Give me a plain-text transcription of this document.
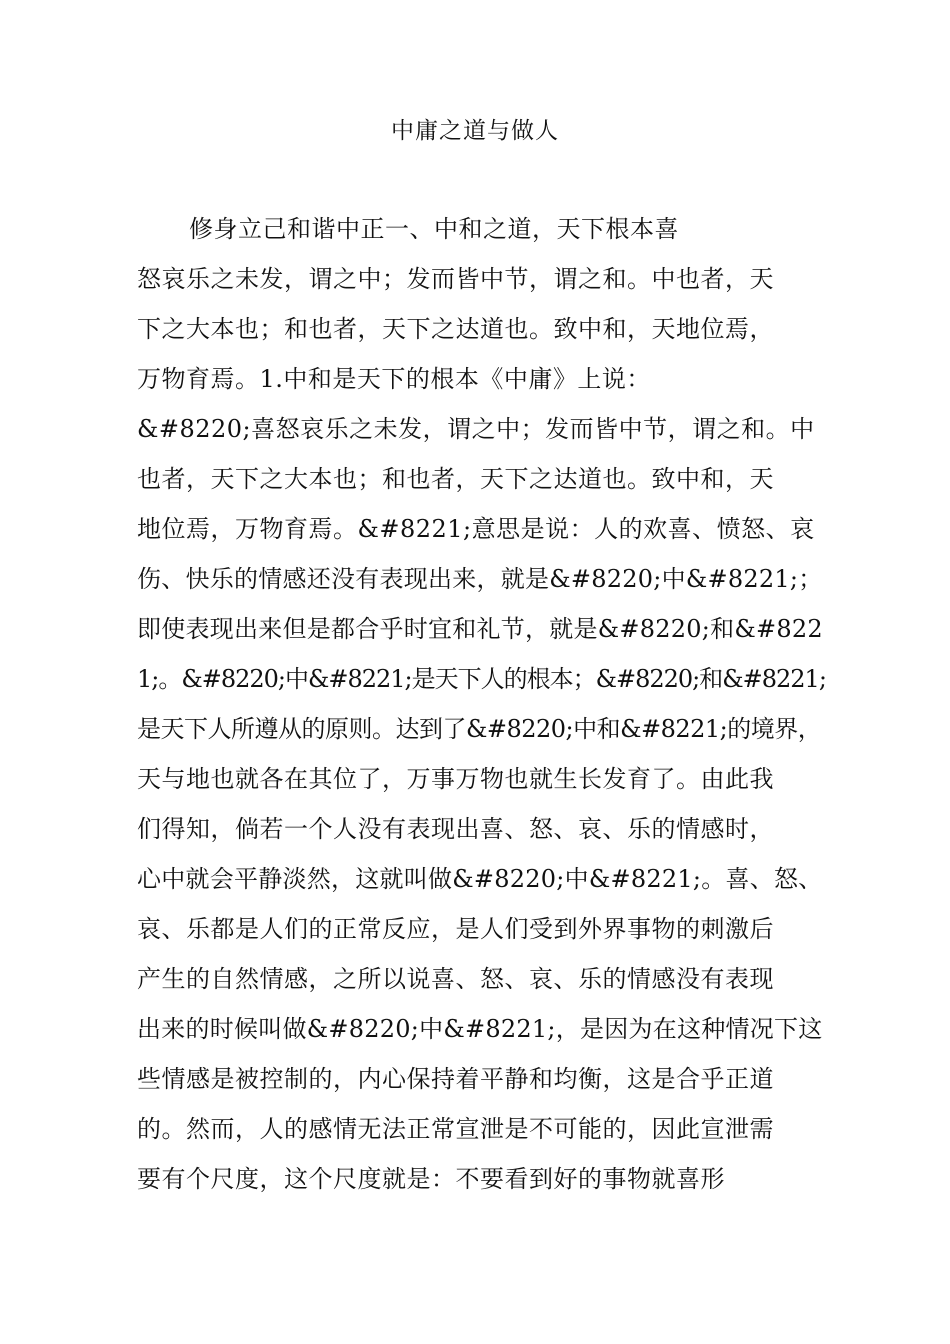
中庸之道与做人
修身立己和谐中正一、中和之道，天下根本喜
怒哀乐之未发，谓之中；发而皆中节，谓之和。中也者，天
下之大本也；和也者，天下之达道也。致中和，天地位焉，
万物育焉。1.中和是天下的根本《中庸》上说：
&#8220;喜怒哀乐之未发，谓之中；发而皆中节，谓之和。中
也者，天下之大本也；和也者，天下之达道也。致中和，天
地位焉，万物育焉。&#8221;意思是说：人的欢喜、愤怒、哀
伤、快乐的情感还没有表现出来，就是&#8220;中&#8221;；
即使表现出来但是都合乎时宜和礼节，就是&#8220;和&#822
1;。&#8220;中&#8221;是天下人的根本；&#8220;和&#8221;
是天下人所遵从的原则。达到了&#8220;中和&#8221;的境界，
天与地也就各在其位了，万事万物也就生长发育了。由此我
们得知，倘若一个人没有表现出喜、怒、哀、乐的情感时，
心中就会平静淡然，这就叫做&#8220;中&#8221;。喜、怒、
哀、乐都是人们的正常反应，是人们受到外界事物的刺激后
产生的自然情感，之所以说喜、怒、哀、乐的情感没有表现
出来的时候叫做&#8220;中&#8221;，是因为在这种情况下这
些情感是被控制的，内心保持着平静和均衡，这是合乎正道
的。然而，人的感情无法正常宣泄是不可能的，因此宣泄需
要有个尺度，这个尺度就是：不要看到好的事物就喜形
